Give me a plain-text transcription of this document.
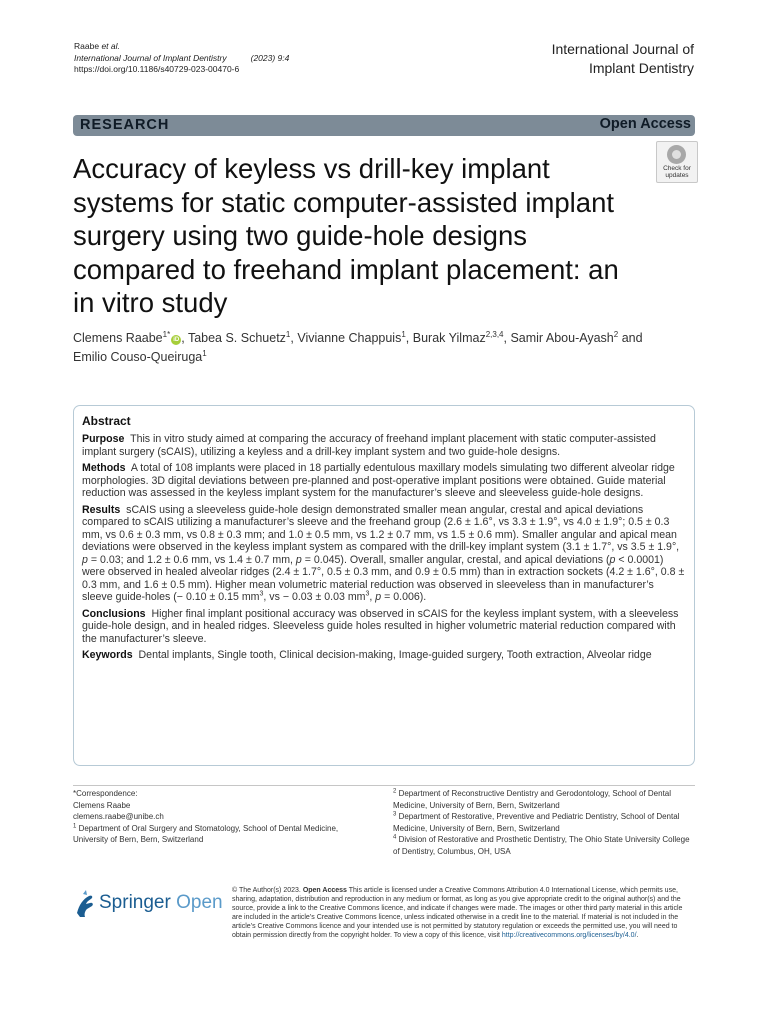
Raabe et al.
International Journal of Implant Dentistry	(2023) 9:4
https://doi.org/10.1186/s40729-023-00470-6
International Journal of
Implant Dentistry
RESEARCH	Open Access
Accuracy of keyless vs drill-key implant systems for static computer-assisted implant surgery using two guide-hole designs compared to freehand implant placement: an in vitro study
Check for
updates
Clemens Raabe$^{1*}$iD , Tabea S. Schuetz$^1$, Vivianne Chappuis$^1$, Burak Yilmaz$^{2,3,4}$, Samir Abou-Ayash$^2$ and
Emilio Couso-Queiruga$^1$
Abstract

Purpose This in vitro study aimed at comparing the accuracy of freehand implant placement with static computer-assisted implant surgery (sCAIS), utilizing a keyless and a drill-key implant system and two guide-hole designs.

Methods A total of 108 implants were placed in 18 partially edentulous maxillary models simulating two different alveolar ridge morphologies. 3D digital deviations between pre-planned and post-operative implant positions were obtained. Guide material reduction was assessed in the keyless implant system for the manufacturer’s sleeve and sleeveless guide-hole designs.

Results sCAIS using a sleeveless guide-hole design demonstrated smaller mean angular, crestal and apical deviations compared to sCAIS utilizing a manufacturer’s sleeve and the freehand group (2.6 ± 1.6°, vs 3.3 ± 1.9°, vs 4.0 ± 1.9°; 0.5 ± 0.3 mm, vs 0.6 ± 0.3 mm, vs 0.8 ± 0.3 mm; and 1.0 ± 0.5 mm, vs 1.2 ± 0.7 mm, vs 1.5 ± 0.6 mm). Smaller angular and apical mean deviations were observed in the keyless implant system as compared with the drill-key implant system (3.1 ± 1.7°, vs 3.5 ± 1.9°, p = 0.03; and 1.2 ± 0.6 mm, vs 1.4 ± 0.7 mm, p = 0.045). Overall, smaller angular, crestal, and apical deviations (p < 0.0001) were observed in healed alveolar ridges (2.4 ± 1.7°, 0.5 ± 0.3 mm, and 0.9 ± 0.5 mm) than in extraction sockets (4.2 ± 1.6°, 0.8 ± 0.3 mm, and 1.6 ± 0.5 mm). Higher mean volumetric material reduction was observed in sleeveless than in manufacturer’s sleeve guide-holes (− 0.10 ± 0.15 $mm^3$, vs − 0.03 ± 0.03 $mm^3$, p = 0.006).

Conclusions Higher final implant positional accuracy was observed in sCAIS for the keyless implant system, with a sleeveless guide-hole design, and in healed ridges. Sleeveless guide holes resulted in higher volumetric material reduction compared with the manufacturer’s sleeve.

Keywords Dental implants, Single tooth, Clinical decision-making, Image-guided surgery, Tooth extraction, Alveolar ridge

*Correspondence:
Clemens Raabe
clemens.raabe@unibe.ch
$^1$ Department of Oral Surgery and Stomatology, School of Dental Medicine, University of Bern, Bern, Switzerland
$^2$ Department of Reconstructive Dentistry and Gerodontology, School of Dental Medicine, University of Bern, Bern, Switzerland
$^3$ Department of Restorative, Preventive and Pediatric Dentistry, School of Dental Medicine, University of Bern, Bern, Switzerland
$^4$ Division of Restorative and Prosthetic Dentistry, The Ohio State University College of Dentistry, Columbus, OH, USA
Springer Open
© The Author(s) 2023. Open Access This article is licensed under a Creative Commons Attribution 4.0 International License, which permits use, sharing, adaptation, distribution and reproduction in any medium or format, as long as you give appropriate credit to the original author(s) and the source, provide a link to the Creative Commons licence, and indicate if changes were made. The images or other third party material in this article are included in the article’s Creative Commons licence, unless indicated otherwise in a credit line to the material. If material is not included in the article’s Creative Commons licence and your intended use is not permitted by statutory regulation or exceeds the permitted use, you will need to obtain permission directly from the copyright holder. To view a copy of this licence, visit http://creativecommons.org/licenses/by/4.0/.
